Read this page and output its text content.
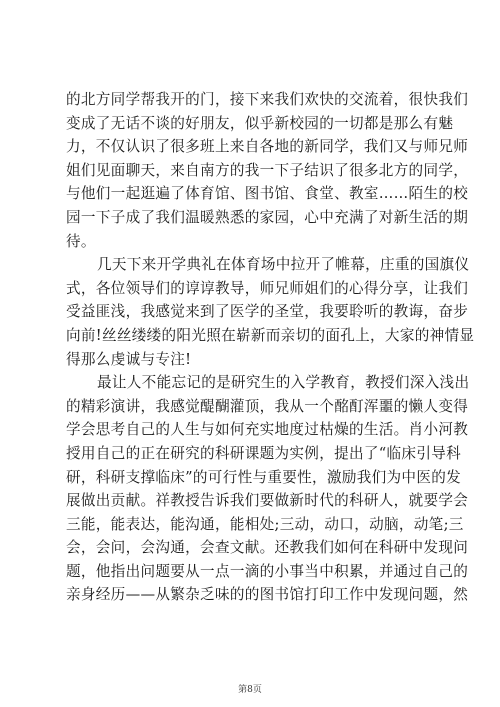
的北方同学帮我开的门，接下来我们欢快的交流着，很快我们
变成了无话不谈的好朋友，似乎新校园的一切都是那么有魅
力，不仅认识了很多班上来自各地的新同学，我们又与师兄师
姐们见面聊天，来自南方的我一下子结识了很多北方的同学，
与他们一起逛遍了体育馆、图书馆、食堂、教室……陌生的校
园一下子成了我们温暖熟悉的家园，心中充满了对新生活的期
待。
几天下来开学典礼在体育场中拉开了帷幕，庄重的国旗仪
式，各位领导们的谆谆教导，师兄师姐们的心得分享，让我们
受益匪浅，我感觉来到了医学的圣堂，我要聆听的教诲，奋步
向前!丝丝缕缕的阳光照在崭新而亲切的面孔上，大家的神情显
得那么虔诚与专注!
最让人不能忘记的是研究生的入学教育，教授们深入浅出
的精彩演讲，我感觉醍醐灌顶，我从一个酩酊浑噩的懒人变得
学会思考自己的人生与如何充实地度过枯燥的生活。肖小河教
授用自己的正在研究的科研课题为实例，提出了“临床引导科
研，科研支撑临床”的可行性与重要性，激励我们为中医的发
展做出贡献。祥教授告诉我们要做新时代的科研人，就要学会
三能，能表达，能沟通，能相处;三动，动口，动脑，动笔;三
会，会问，会沟通，会查文献。还教我们如何在科研中发现问
题，他指出问题要从一点一滴的小事当中积累，并通过自己的
亲身经历——从繁杂乏味的的图书馆打印工作中发现问题，然
第8页
